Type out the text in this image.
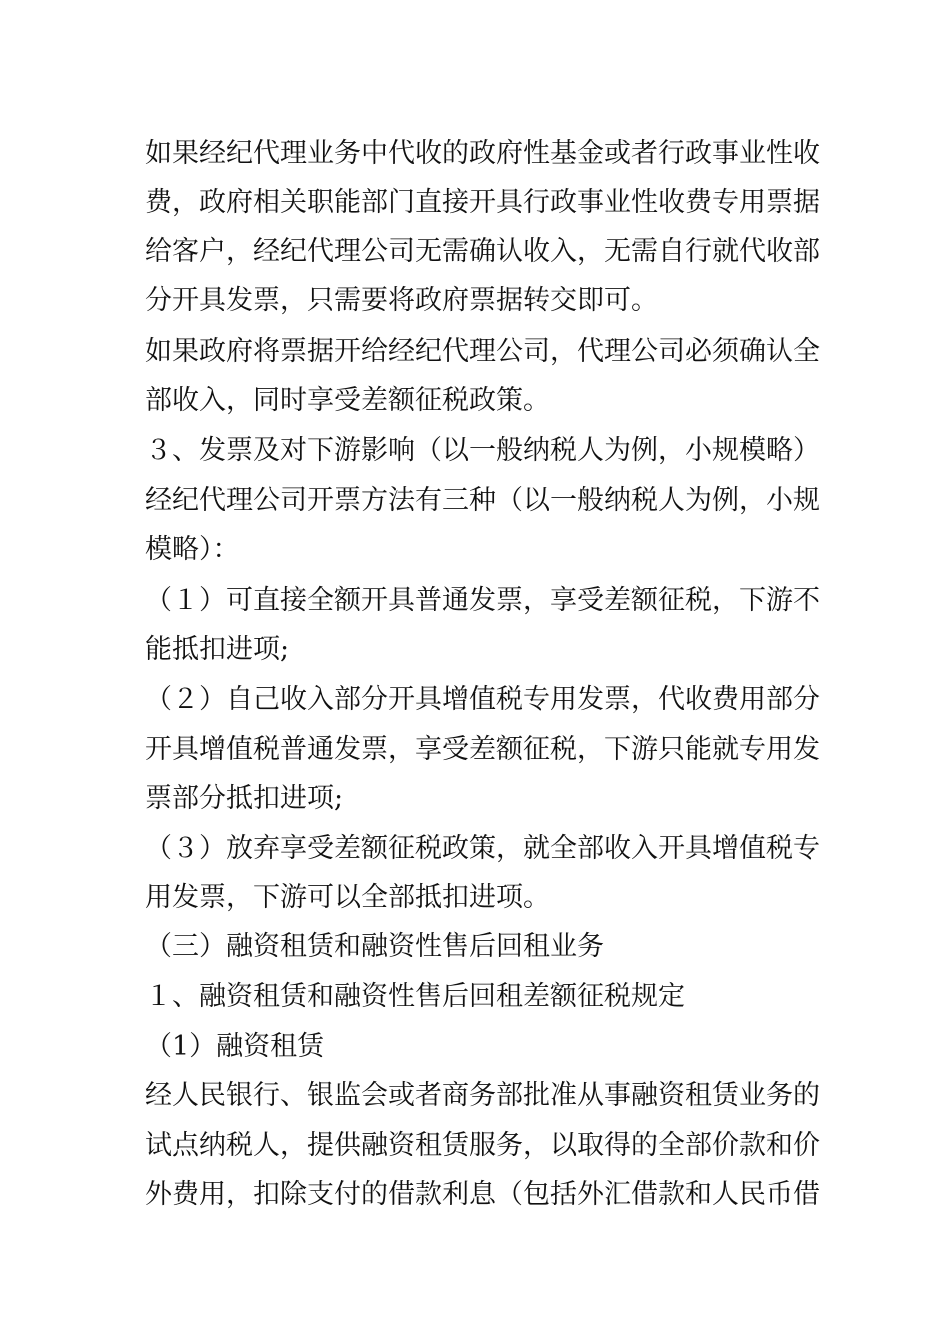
如果经纪代理业务中代收的政府性基金或者行政事业性收
费，政府相关职能部门直接开具行政事业性收费专用票据
给客户，经纪代理公司无需确认收入，无需自行就代收部
分开具发票，只需要将政府票据转交即可。
如果政府将票据开给经纪代理公司，代理公司必须确认全
部收入，同时享受差额征税政策。
３、发票及对下游影响（以一般纳税人为例，小规模略）
经纪代理公司开票方法有三种（以一般纳税人为例，小规
模略）：
（１）可直接全额开具普通发票，享受差额征税，下游不
能抵扣进项;
（２）自己收入部分开具增值税专用发票，代收费用部分
开具增值税普通发票，享受差额征税，下游只能就专用发
票部分抵扣进项;
（３）放弃享受差额征税政策，就全部收入开具增值税专
用发票，下游可以全部抵扣进项。
（三）融资租赁和融资性售后回租业务
１、融资租赁和融资性售后回租差额征税规定
（1）融资租赁
经人民银行、银监会或者商务部批准从事融资租赁业务的
试点纳税人，提供融资租赁服务，以取得的全部价款和价
外费用，扣除支付的借款利息（包括外汇借款和人民币借
